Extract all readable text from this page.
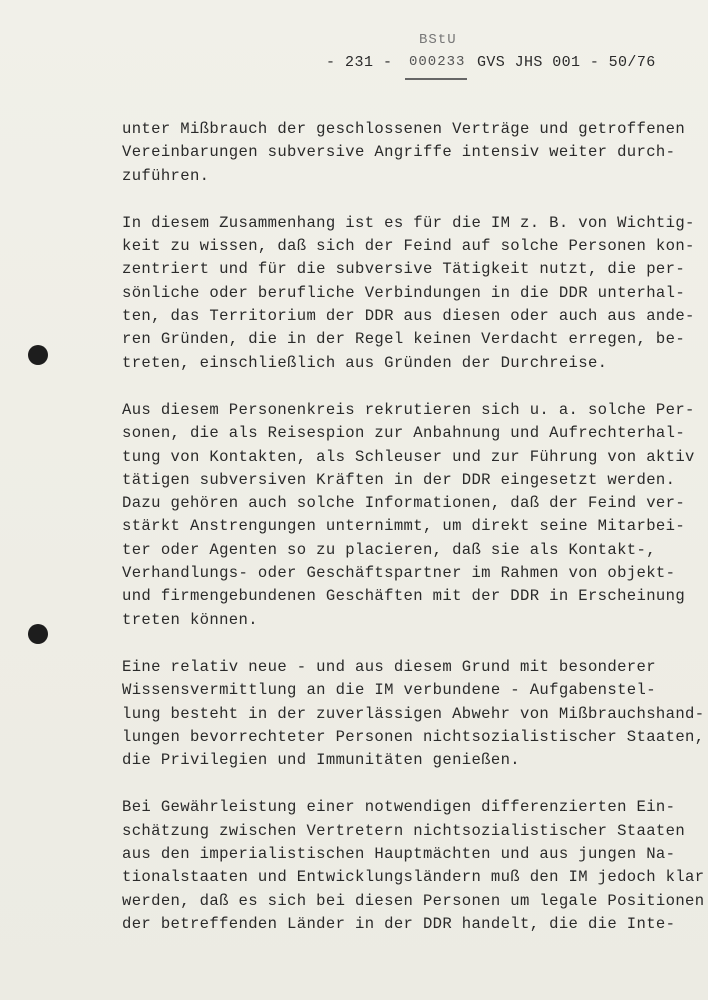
- 231 -
BStU
000233 GVS JHS 001 - 50/76

unter Mißbrauch der geschlossenen Verträge und getroffenen
Vereinbarungen subversive Angriffe intensiv weiter durch-
zuführen.

In diesem Zusammenhang ist es für die IM z. B. von Wichtig-
keit zu wissen, daß sich der Feind auf solche Personen kon-
zentriert und für die subversive Tätigkeit nutzt, die per-
sönliche oder berufliche Verbindungen in die DDR unterhal-
ten, das Territorium der DDR aus diesen oder auch aus ande-
ren Gründen, die in der Regel keinen Verdacht erregen, be-
treten, einschließlich aus Gründen der Durchreise.

Aus diesem Personenkreis rekrutieren sich u. a. solche Per-
sonen, die als Reisespion zur Anbahnung und Aufrechterhal-
tung von Kontakten, als Schleuser und zur Führung von aktiv
tätigen subversiven Kräften in der DDR eingesetzt werden.
Dazu gehören auch solche Informationen, daß der Feind ver-
stärkt Anstrengungen unternimmt, um direkt seine Mitarbei-
ter oder Agenten so zu placieren, daß sie als Kontakt-,
Verhandlungs- oder Geschäftspartner im Rahmen von objekt-
und firmengebundenen Geschäften mit der DDR in Erscheinung
treten können.

Eine relativ neue - und aus diesem Grund mit besonderer
Wissensvermittlung an die IM verbundene - Aufgabenstel-
lung besteht in der zuverlässigen Abwehr von Mißbrauchshand-
lungen bevorrechteter Personen nichtsozialistischer Staaten,
die Privilegien und Immunitäten genießen.

Bei Gewährleistung einer notwendigen differenzierten Ein-
schätzung zwischen Vertretern nichtsozialistischer Staaten
aus den imperialistischen Hauptmächten und aus jungen Na-
tionalstaaten und Entwicklungsländern muß den IM jedoch klar
werden, daß es sich bei diesen Personen um legale Positionen
der betreffenden Länder in der DDR handelt, die die Inte-
